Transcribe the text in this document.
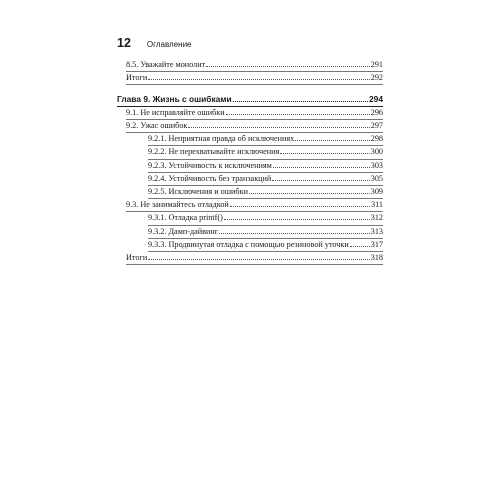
12 Оглавление
8.5. Уважайте монолит	291
Итоги	292
Глава 9. Жизнь с ошибками	294
9.1. Не исправляйте ошибки	296
9.2. Ужас ошибок	297
9.2.1. Неприятная правда об исключениях	298
9.2.2. Не перехватывайте исключения	300
9.2.3. Устойчивость к исключениям	303
9.2.4. Устойчивость без транзакций	305
9.2.5. Исключения и ошибки	309
9.3. Не занимайтесь отладкой	311
9.3.1. Отладка printf()	312
9.3.2. Дамп-дайвинг	313
9.3.3. Продвинутая отладка с помощью резиновой уточки	317
Итоги	318
